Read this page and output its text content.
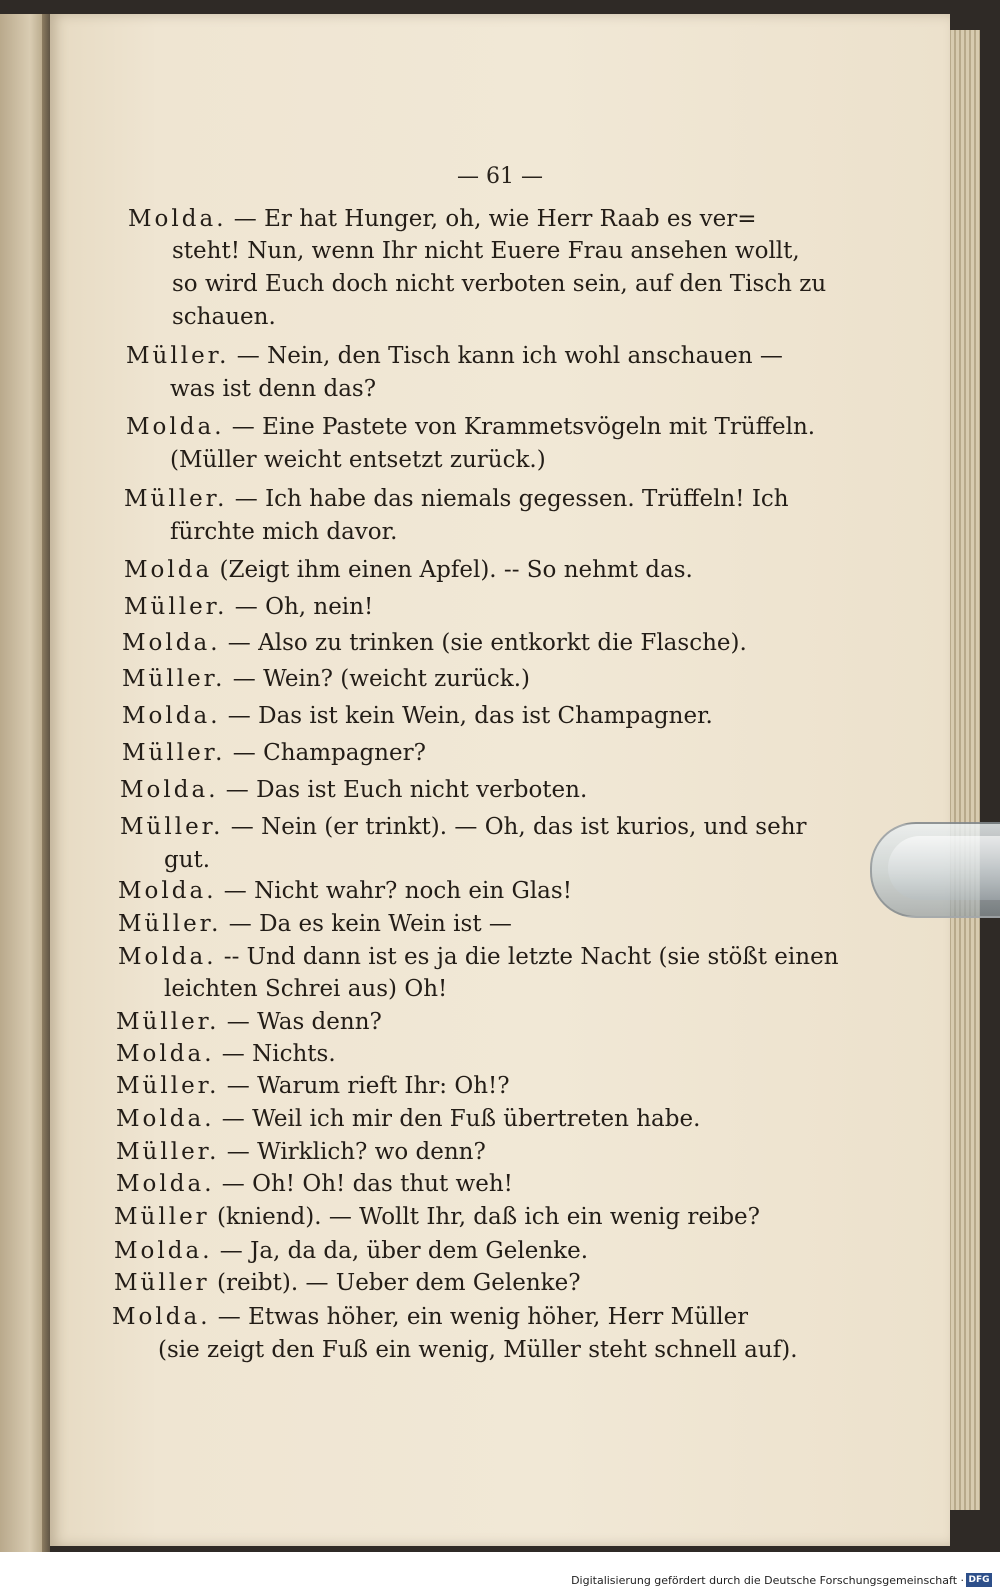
— 61 —
Molda. — Er hat Hunger, oh, wie Herr Raab es ver=
steht! Nun, wenn Ihr nicht Euere Frau ansehen wollt,
so wird Euch doch nicht verboten sein, auf den Tisch zu
schauen.
Müller. — Nein, den Tisch kann ich wohl anschauen —
was ist denn das?
Molda. — Eine Pastete von Krammetsvögeln mit Trüffeln.
(Müller weicht entsetzt zurück.)
Müller. — Ich habe das niemals gegessen. Trüffeln! Ich
fürchte mich davor.
Molda (Zeigt ihm einen Apfel). -- So nehmt das.
Müller. — Oh, nein!
Molda. — Also zu trinken (sie entkorkt die Flasche).
Müller. — Wein? (weicht zurück.)
Molda. — Das ist kein Wein, das ist Champagner.
Müller. — Champagner?
Molda. — Das ist Euch nicht verboten.
Müller. — Nein (er trinkt). — Oh, das ist kurios, und sehr
gut.
Molda. — Nicht wahr? noch ein Glas!
Müller. — Da es kein Wein ist —
Molda. -- Und dann ist es ja die letzte Nacht (sie stößt einen
leichten Schrei aus) Oh!
Müller. — Was denn?
Molda. — Nichts.
Müller. — Warum rieft Ihr: Oh!?
Molda. — Weil ich mir den Fuß übertreten habe.
Müller. — Wirklich? wo denn?
Molda. — Oh! Oh! das thut weh!
Müller (kniend). — Wollt Ihr, daß ich ein wenig reibe?
Molda. — Ja, da da, über dem Gelenke.
Müller (reibt). — Ueber dem Gelenke?
Molda. — Etwas höher, ein wenig höher, Herr Müller
(sie zeigt den Fuß ein wenig, Müller steht schnell auf).
Digitalisierung gefördert durch die Deutsche Forschungsgemeinschaft · DFG
